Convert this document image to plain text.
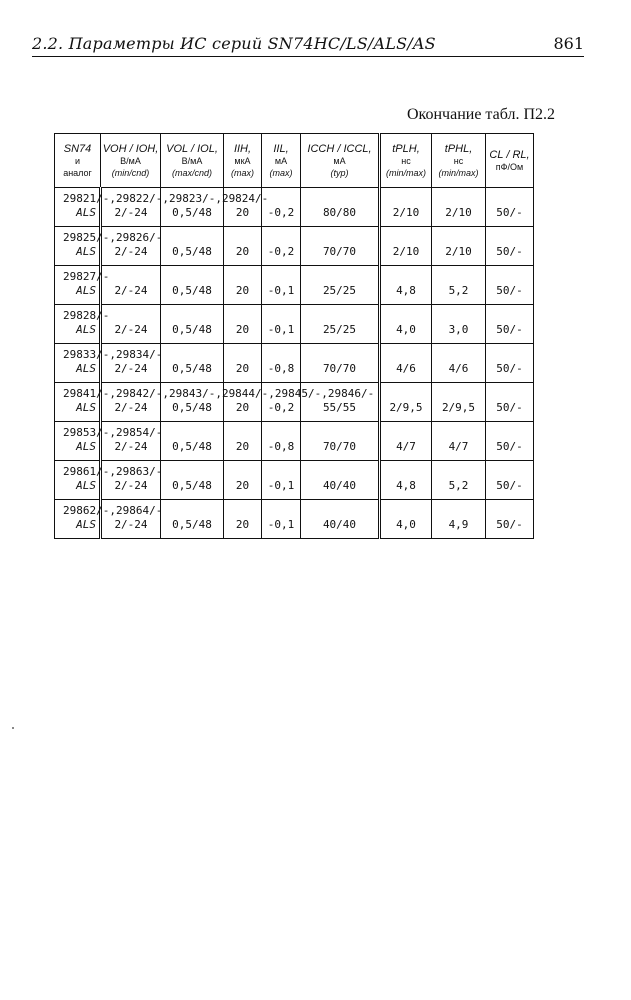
2.2. Параметры ИС серий SN74HC/LS/ALS/AS	861
Окончание табл. П2.2
SN74
и
аналог	VOH / IOH,
В/мА
(min/cnd)	VOL / IOL,
В/мА
(max/cnd)	IIH,
мкА
(max)	IIL,
мА
(max)	ICCH / ICCL,
мА
(typ)	tPLH,
нс
(min/max)	tPHL,
нс
(min/max)	CL / RL,
пФ/Ом

29821/-,29822/-,29823/-,29824/-
ALS	2/-24	0,5/48	20	-0,2	80/80	2/10	2/10	50/-

29825/-,29826/-
ALS	2/-24	0,5/48	20	-0,2	70/70	2/10	2/10	50/-

29827/-
ALS	2/-24	0,5/48	20	-0,1	25/25	4,8	5,2	50/-

29828/-
ALS	2/-24	0,5/48	20	-0,1	25/25	4,0	3,0	50/-

29833/-,29834/-
ALS	2/-24	0,5/48	20	-0,8	70/70	4/6	4/6	50/-

29841/-,29842/-,29843/-,29844/-,29845/-,29846/-
ALS	2/-24	0,5/48	20	-0,2	55/55	2/9,5	2/9,5	50/-

29853/-,29854/-
ALS	2/-24	0,5/48	20	-0,8	70/70	4/7	4/7	50/-

29861/-,29863/-
ALS	2/-24	0,5/48	20	-0,1	40/40	4,8	5,2	50/-

29862/-,29864/-
ALS	2/-24	0,5/48	20	-0,1	40/40	4,0	4,9	50/-
